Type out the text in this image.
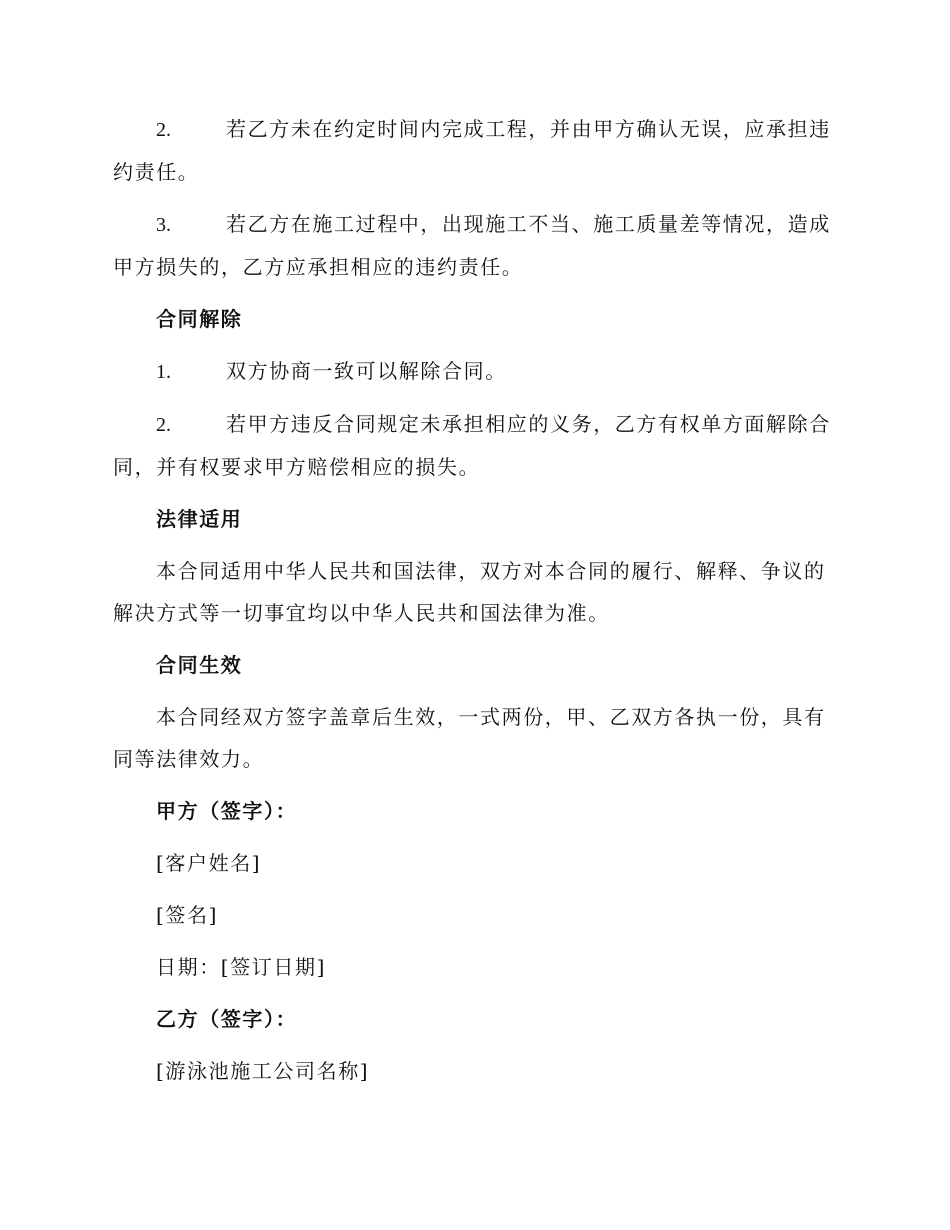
2.	若乙方未在约定时间内完成工程，并由甲方确认无误，应承担违约责任。

3.	若乙方在施工过程中，出现施工不当、施工质量差等情况，造成甲方损失的，乙方应承担相应的违约责任。

合同解除

1.	双方协商一致可以解除合同。

2.	若甲方违反合同规定未承担相应的义务，乙方有权单方面解除合同，并有权要求甲方赔偿相应的损失。

法律适用

本合同适用中华人民共和国法律，双方对本合同的履行、解释、争议的解决方式等一切事宜均以中华人民共和国法律为准。

合同生效

本合同经双方签字盖章后生效，一式两份，甲、乙双方各执一份，具有同等法律效力。

甲方（签字）：

[客户姓名]

[签名]

日期：[签订日期]

乙方（签字）：

[游泳池施工公司名称]
